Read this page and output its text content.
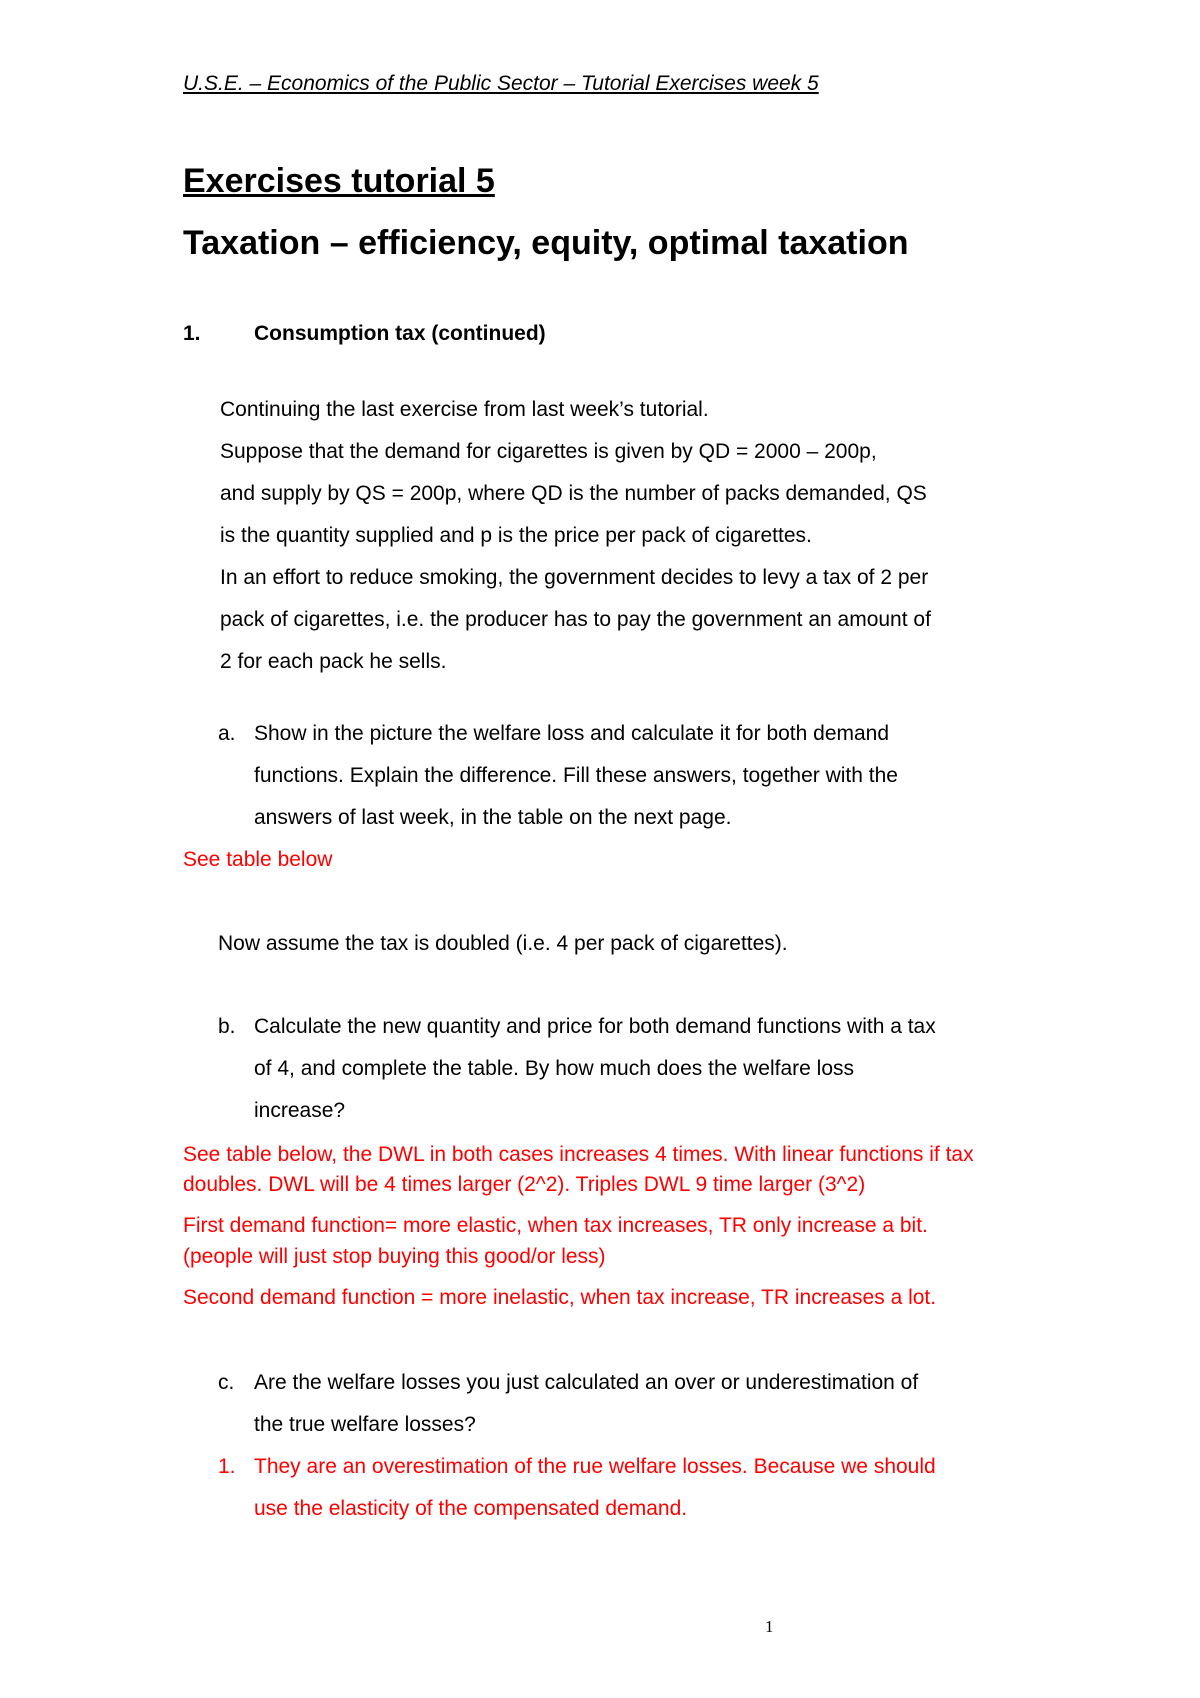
U.S.E. – Economics of the Public Sector – Tutorial Exercises week 5
Exercises tutorial 5
Taxation – efficiency, equity, optimal taxation
1.	Consumption tax (continued)
Continuing the last exercise from last week’s tutorial.
Suppose that the demand for cigarettes is given by QD = 2000 – 200p,
and supply by QS = 200p, where QD is the number of packs demanded, QS
is the quantity supplied and p is the price per pack of cigarettes.
In an effort to reduce smoking, the government decides to levy a tax of 2 per
pack of cigarettes, i.e. the producer has to pay the government an amount of
2 for each pack he sells.
a. Show in the picture the welfare loss and calculate it for both demand
functions. Explain the difference. Fill these answers, together with the
answers of last week, in the table on the next page.
See table below
Now assume the tax is doubled (i.e. 4 per pack of cigarettes).
b. Calculate the new quantity and price for both demand functions with a tax
of 4, and complete the table. By how much does the welfare loss
increase?
See table below, the DWL in both cases increases 4 times. With linear functions if tax
doubles. DWL will be 4 times larger (2^2). Triples DWL 9 time larger (3^2)
First demand function= more elastic, when tax increases, TR only increase a bit.
(people will just stop buying this good/or less)
Second demand function = more inelastic, when tax increase, TR increases a lot.
c. Are the welfare losses you just calculated an over or underestimation of
the true welfare losses?
1. They are an overestimation of the rue welfare losses. Because we should
use the elasticity of the compensated demand.
1
